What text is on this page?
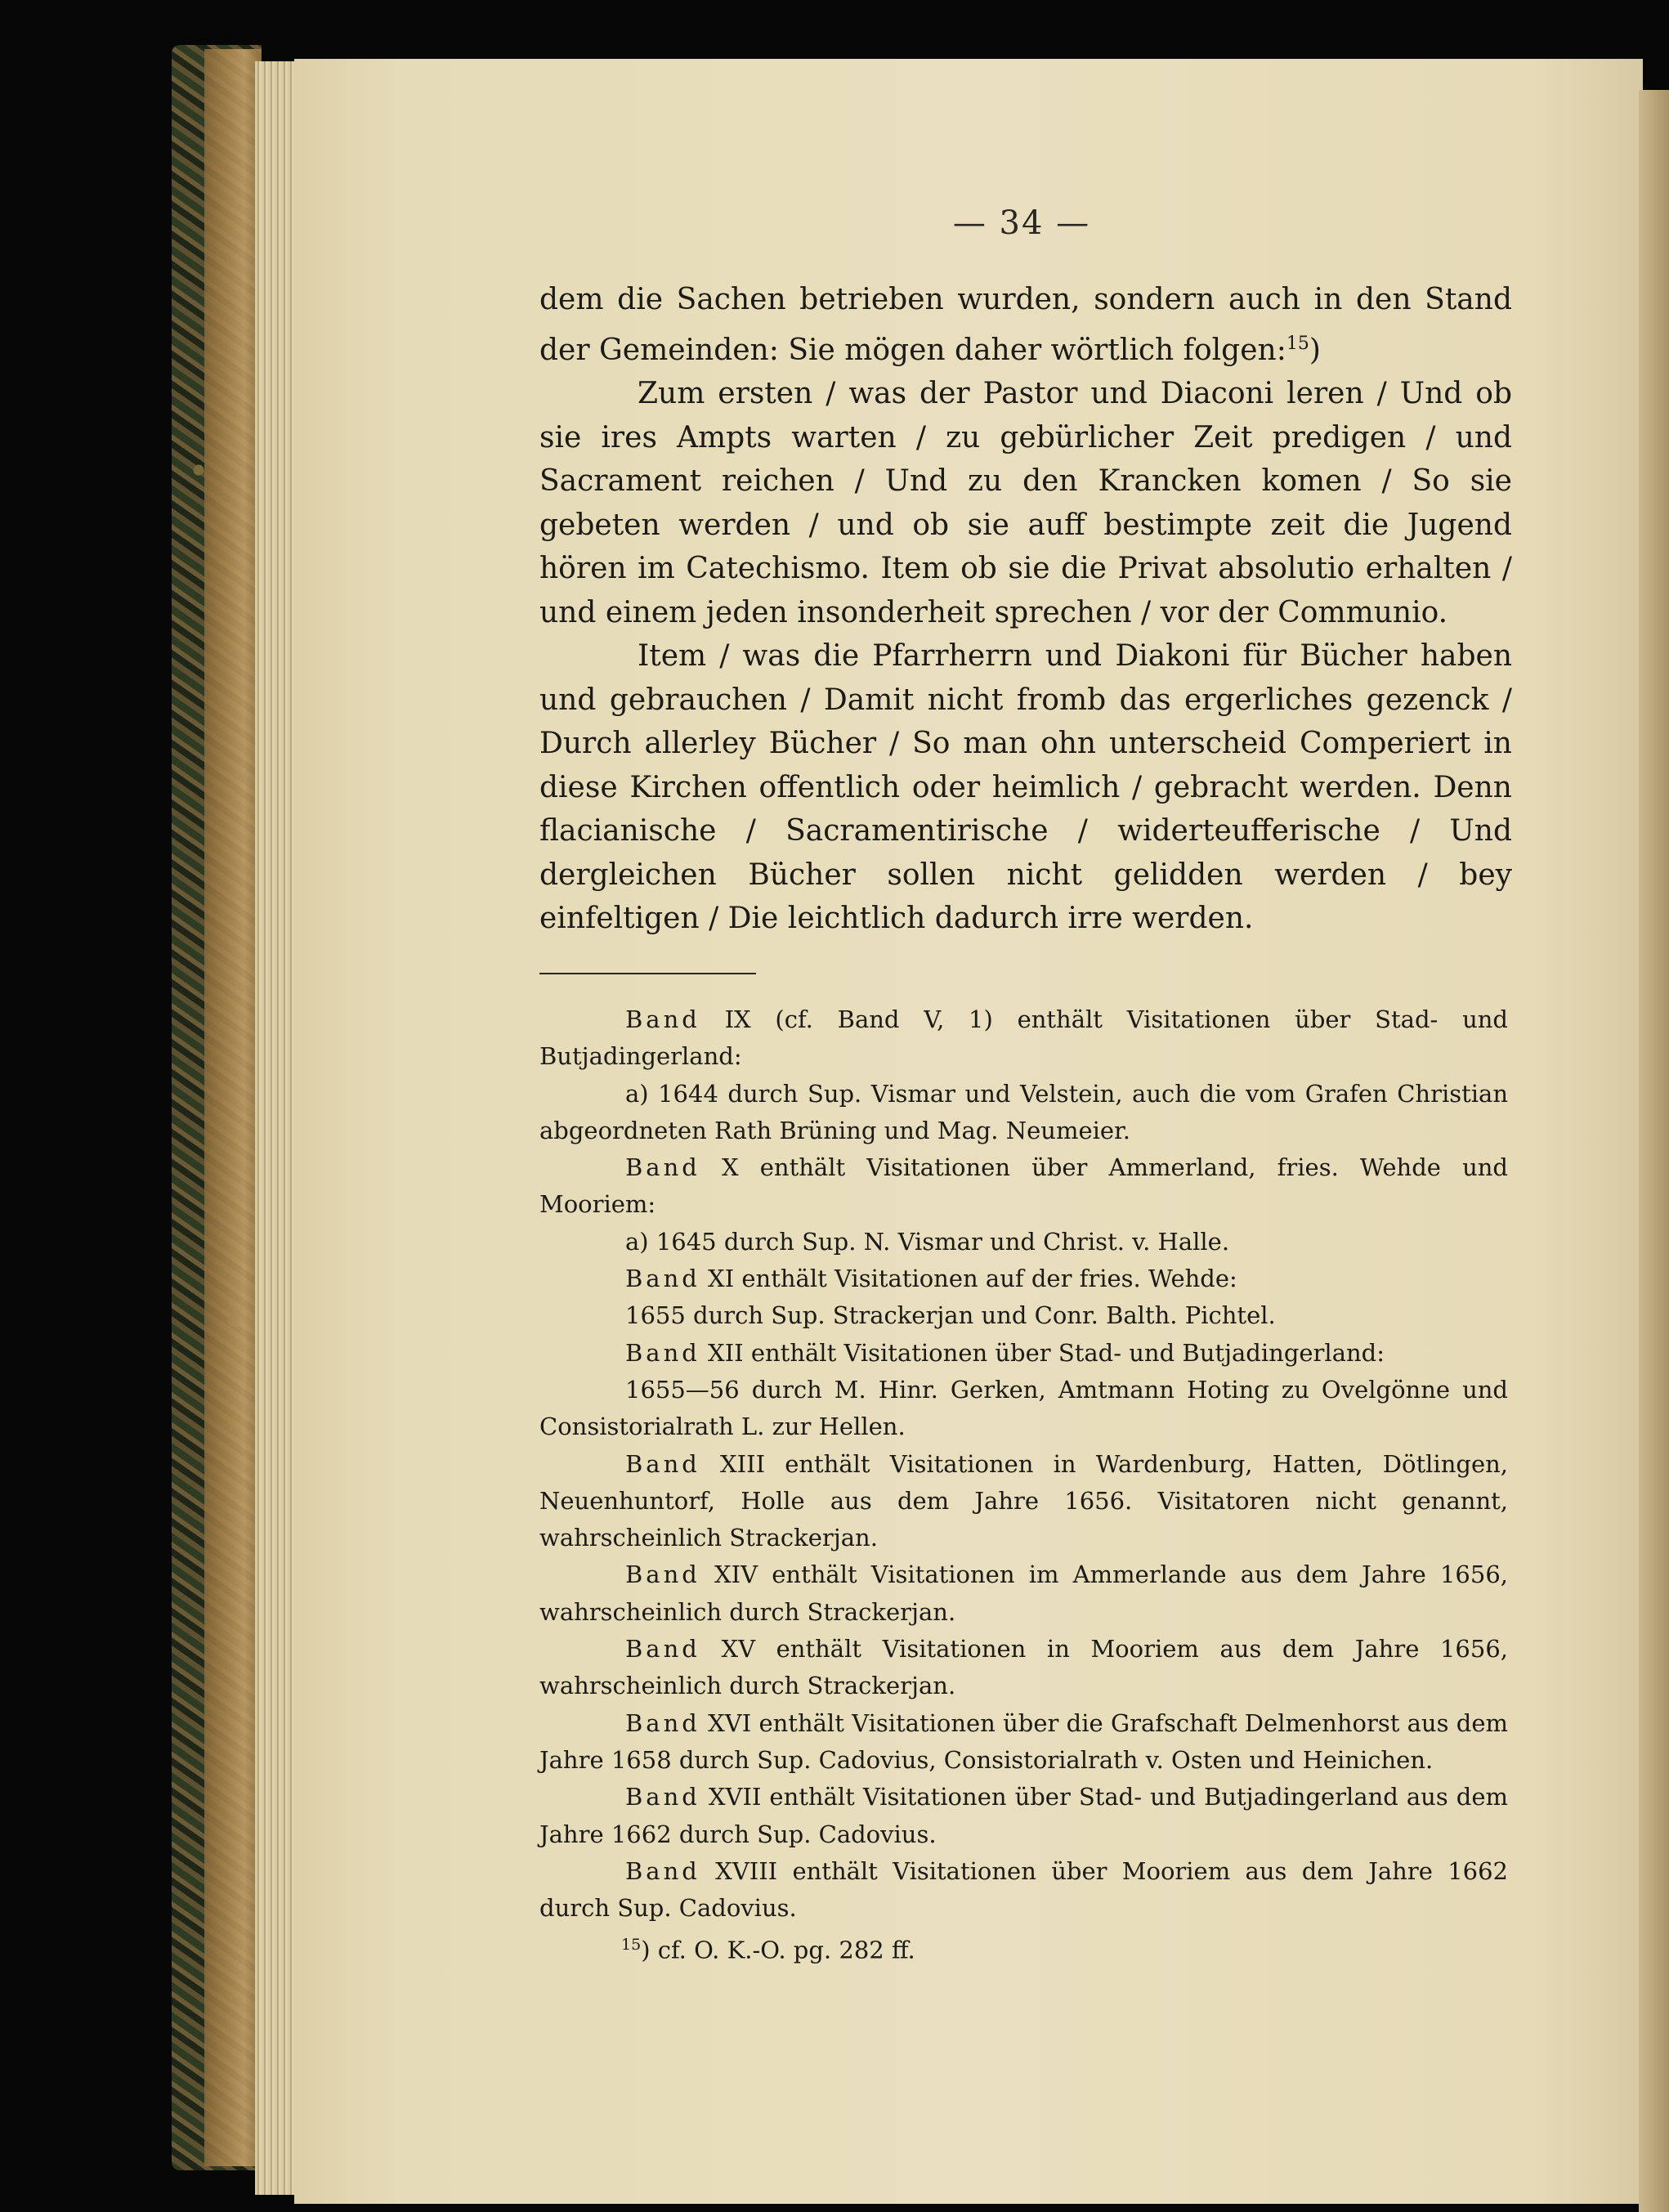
— 34 —

dem die Sachen betrieben wurden, sondern auch in den Stand der Gemeinden: Sie mögen daher wörtlich folgen:$^{15}$)

Zum ersten / was der Pastor und Diaconi leren / Und ob sie ires Ampts warten / zu gebürlicher Zeit predigen / und Sacrament reichen / Und zu den Krancken komen / So sie gebeten werden / und ob sie auff bestimpte zeit die Jugend hören im Catechismo. Item ob sie die Privat absolutio erhalten / und einem jeden insonderheit sprechen / vor der Communio.

Item / was die Pfarrherrn und Diakoni für Bücher haben und gebrauchen / Damit nicht fromb das ergerliches gezenck / Durch allerley Bücher / So man ohn unterscheid Comperiert in diese Kirchen offentlich oder heimlich / gebracht werden. Denn flacianische / Sacramentirische / widerteufferische / Und dergleichen Bücher sollen nicht gelidden werden / bey einfeltigen / Die leichtlich dadurch irre werden.

Band IX (cf. Band V, 1) enthält Visitationen über Stad- und Butjadingerland:

a) 1644 durch Sup. Vismar und Velstein, auch die vom Grafen Christian abgeordneten Rath Brüning und Mag. Neumeier.

Band X enthält Visitationen über Ammerland, fries. Wehde und Mooriem:

a) 1645 durch Sup. N. Vismar und Christ. v. Halle.

Band XI enthält Visitationen auf der fries. Wehde:

1655 durch Sup. Strackerjan und Conr. Balth. Pichtel.

Band XII enthält Visitationen über Stad- und Butjadingerland:

1655—56 durch M. Hinr. Gerken, Amtmann Hoting zu Ovelgönne und Consistorialrath L. zur Hellen.

Band XIII enthält Visitationen in Wardenburg, Hatten, Dötlingen, Neuenhuntorf, Holle aus dem Jahre 1656. Visitatoren nicht genannt, wahrscheinlich Strackerjan.

Band XIV enthält Visitationen im Ammerlande aus dem Jahre 1656, wahrscheinlich durch Strackerjan.

Band XV enthält Visitationen in Mooriem aus dem Jahre 1656, wahrscheinlich durch Strackerjan.

Band XVI enthält Visitationen über die Grafschaft Delmenhorst aus dem Jahre 1658 durch Sup. Cadovius, Consistorialrath v. Osten und Heinichen.

Band XVII enthält Visitationen über Stad- und Butjadingerland aus dem Jahre 1662 durch Sup. Cadovius.

Band XVIII enthält Visitationen über Mooriem aus dem Jahre 1662 durch Sup. Cadovius.

$^{15}$) cf. O. K.-O. pg. 282 ff.
